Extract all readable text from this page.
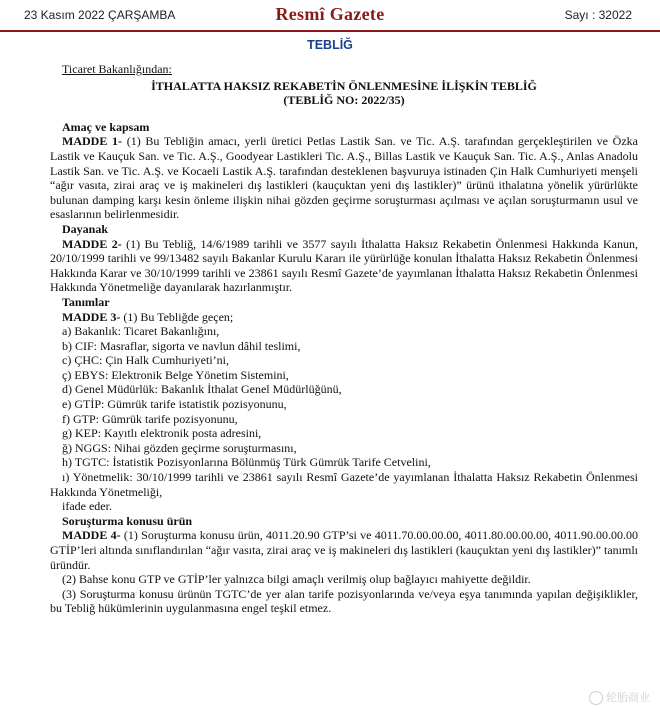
23 Kasım 2022 ÇARŞAMBA	Resmî Gazete	Sayı : 32022
TEBLİĞ
Ticaret Bakanlığından:
İTHALATTA HAKSIZ REKABETİN ÖNLENMESİNE İLİŞKİN TEBLİĞ
(TEBLİĞ NO: 2022/35)
Amaç ve kapsam

MADDE 1- (1) Bu Tebliğin amacı, yerli üretici Petlas Lastik San. ve Tic. A.Ş. tarafından gerçekleştirilen ve Özka Lastik ve Kauçuk San. ve Tic. A.Ş., Goodyear Lastikleri Tic. A.Ş., Billas Lastik ve Kauçuk San. Tic. A.Ş., Anlas Anadolu Lastik San. ve Tic. A.Ş. ve Kocaeli Lastik A.Ş. tarafından desteklenen başvuruya istinaden Çin Halk Cumhuriyeti menşeli “ağır vasıta, zirai araç ve iş makineleri dış lastikleri (kauçuktan yeni dış lastikler)” ürünü ithalatına yönelik yürürlükte bulunan damping karşı kesin önleme ilişkin nihai gözden geçirme soruşturması açılması ve açılan soruşturmanın usul ve esaslarının belirlenmesidir.

Dayanak

MADDE 2- (1) Bu Tebliğ, 14/6/1989 tarihli ve 3577 sayılı İthalatta Haksız Rekabetin Önlenmesi Hakkında Kanun, 20/10/1999 tarihli ve 99/13482 sayılı Bakanlar Kurulu Kararı ile yürürlüğe konulan İthalatta Haksız Rekabetin Önlenmesi Hakkında Karar ve 30/10/1999 tarihli ve 23861 sayılı Resmî Gazete’de yayımlanan İthalatta Haksız Rekabetin Önlenmesi Hakkında Yönetmeliğe dayanılarak hazırlanmıştır.

Tanımlar

MADDE 3- (1) Bu Tebliğde geçen;

a) Bakanlık: Ticaret Bakanlığını,
b) CIF: Masraflar, sigorta ve navlun dâhil teslimi,
c) ÇHC: Çin Halk Cumhuriyeti’ni,
ç) EBYS: Elektronik Belge Yönetim Sistemini,
d) Genel Müdürlük: Bakanlık İthalat Genel Müdürlüğünü,
e) GTİP: Gümrük tarife istatistik pozisyonunu,
f) GTP: Gümrük tarife pozisyonunu,
g) KEP: Kayıtlı elektronik posta adresini,
ğ) NGGS: Nihai gözden geçirme soruşturmasını,
h) TGTC: İstatistik Pozisyonlarına Bölünmüş Türk Gümrük Tarife Cetvelini,

ı) Yönetmelik: 30/10/1999 tarihli ve 23861 sayılı Resmî Gazete’de yayımlanan İthalatta Haksız Rekabetin Önlenmesi Hakkında Yönetmeliği,

ifade eder.
Soruşturma konusu ürün

MADDE 4- (1) Soruşturma konusu ürün, 4011.20.90 GTP’si ve 4011.70.00.00.00, 4011.80.00.00.00, 4011.90.00.00.00 GTİP’leri altında sınıflandırılan “ağır vasıta, zirai araç ve iş makineleri dış lastikleri (kauçuktan yeni dış lastikler)” tanımlı üründür.

(2) Bahse konu GTP ve GTİP’ler yalnızca bilgi amaçlı verilmiş olup bağlayıcı mahiyette değildir.

(3) Soruşturma konusu ürünün TGTC’de yer alan tarife pozisyonlarında ve/veya eşya tanımında yapılan değişiklikler, bu Tebliğ hükümlerinin uygulanmasına engel teşkil etmez.

轮胎商业
